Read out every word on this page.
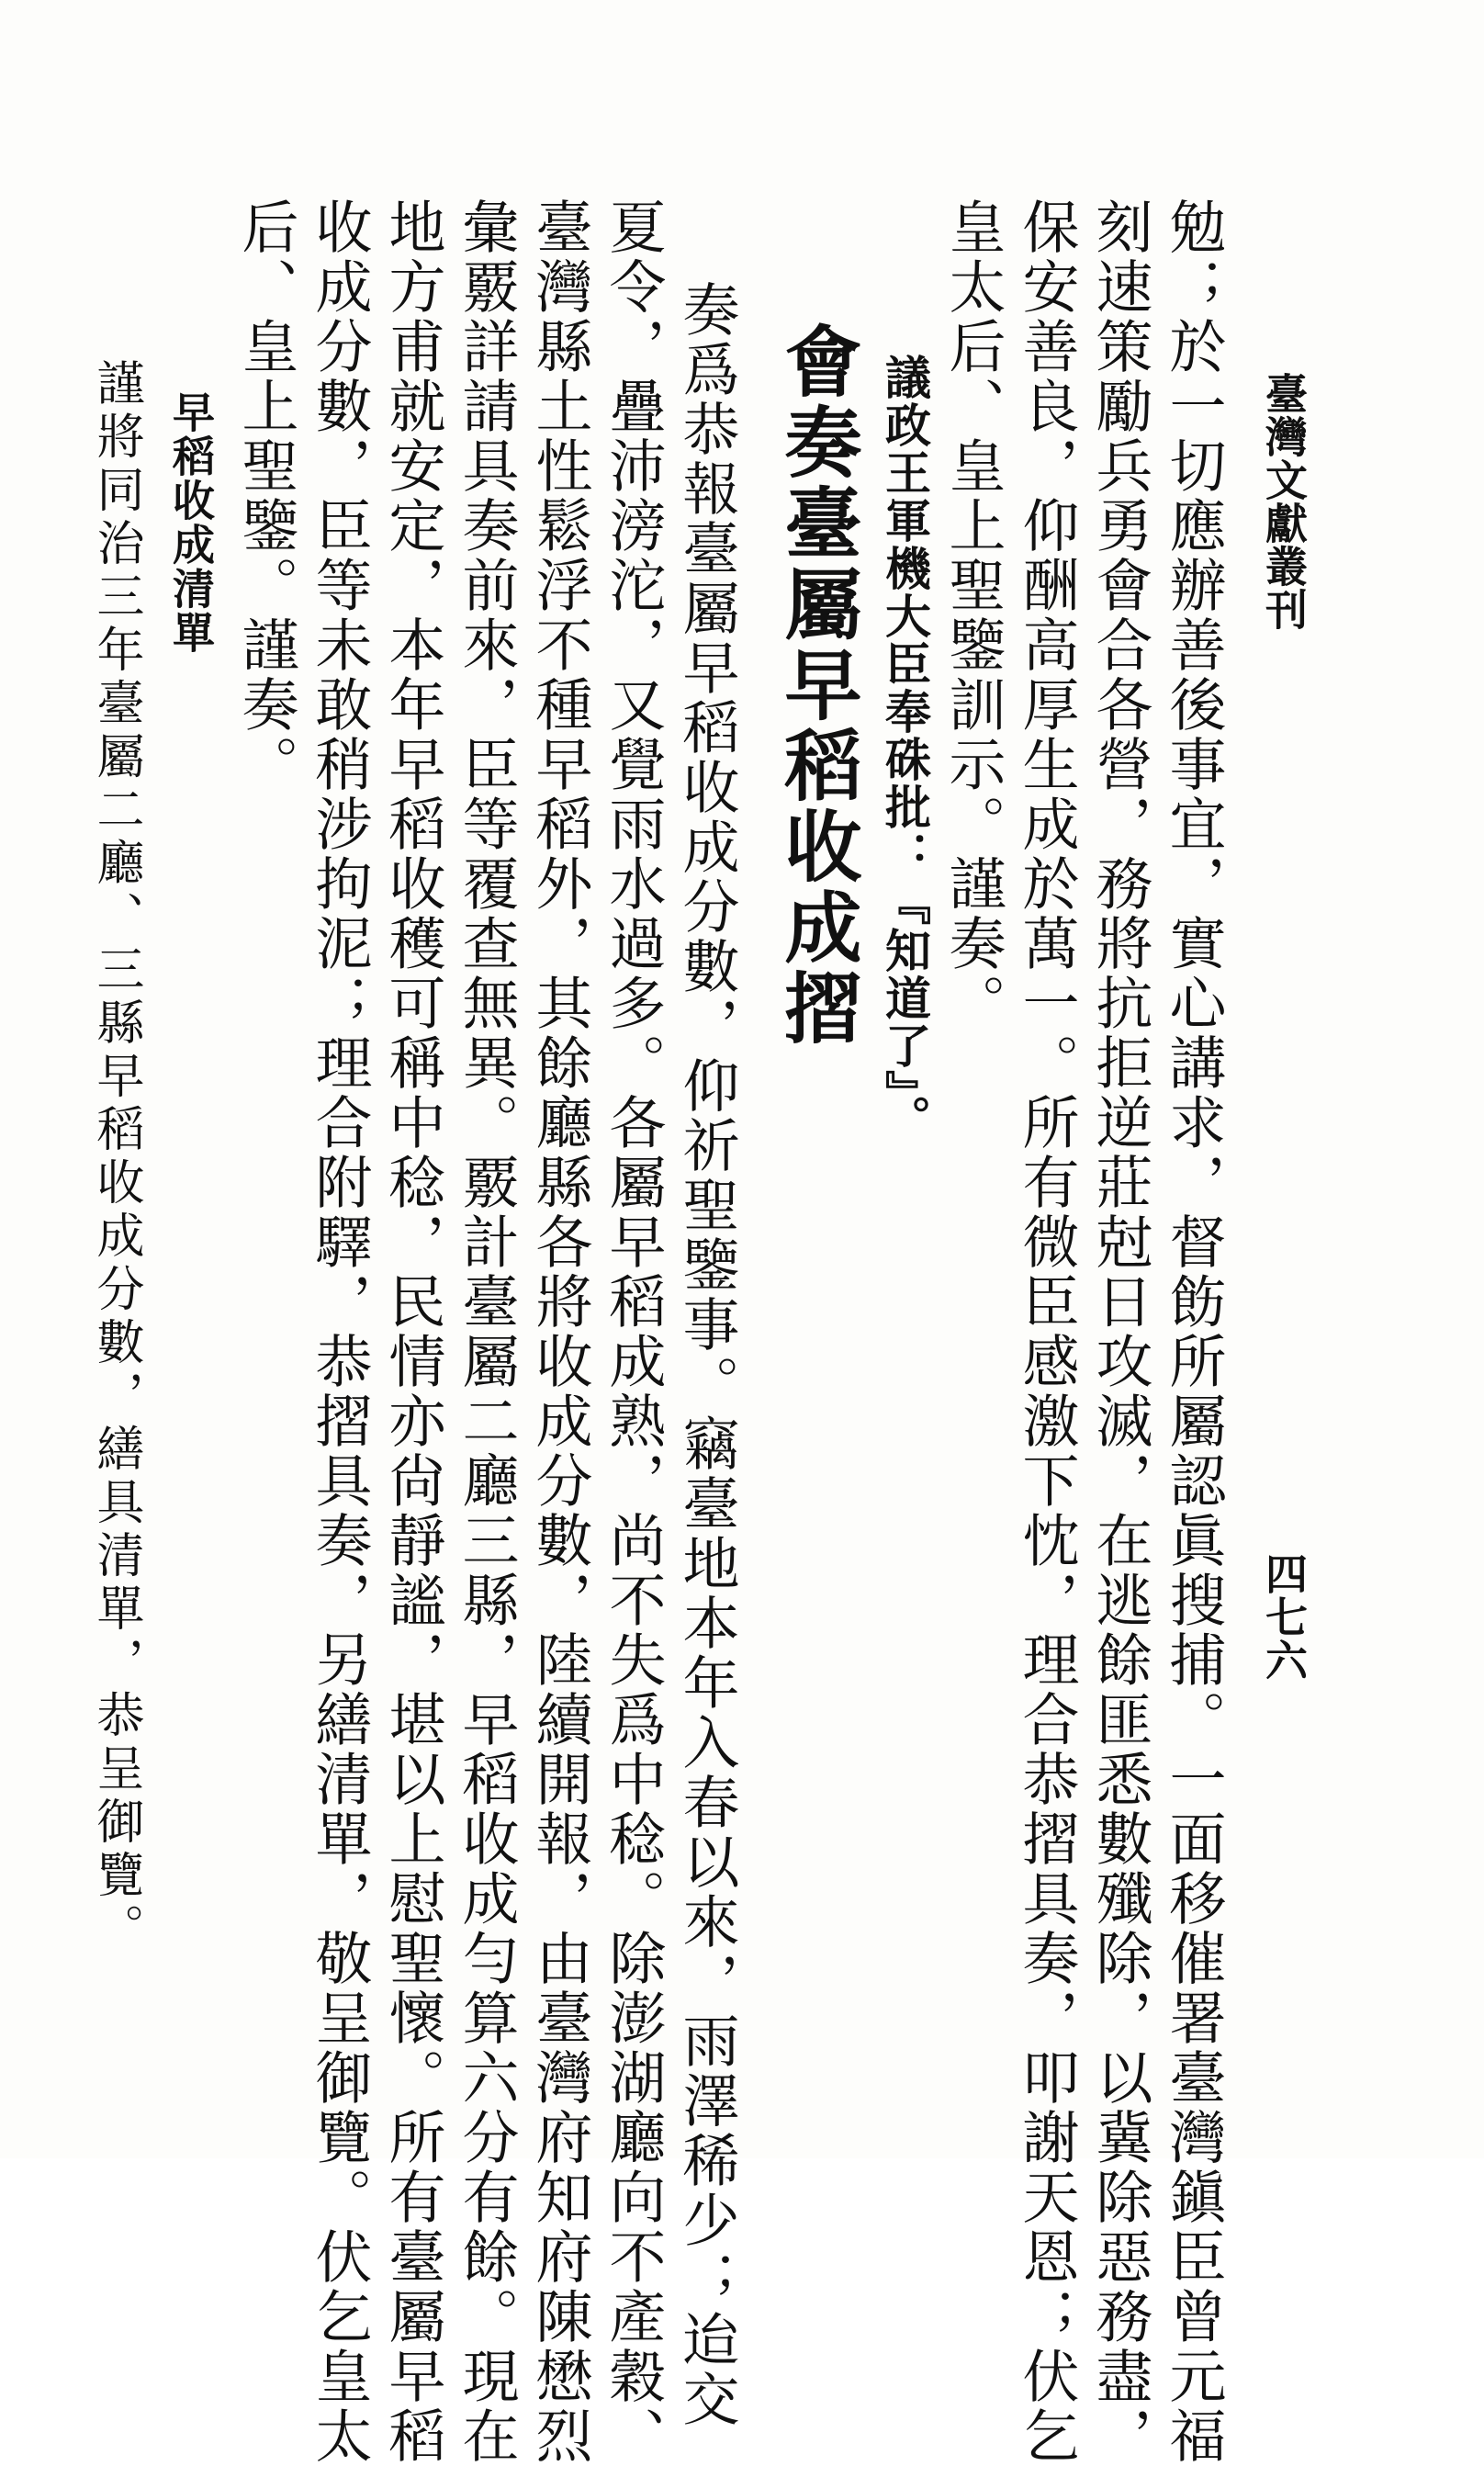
臺灣文獻叢刊
四七六
勉；於一切應辦善後事宜，實心講求，督飭所屬認眞搜捕。一面移催署臺灣鎭臣曾元福
刻速策勵兵勇會合各營，務將抗拒逆莊尅日攻滅，在逃餘匪悉數殲除，以冀除惡務盡，
保安善良，仰酬高厚生成於萬一。所有微臣感激下忱，理合恭摺具奏，叩謝天恩；伏乞
皇太后、皇上聖鑒訓示。謹奏。
議政王軍機大臣奉硃批：『知道了』。
會奏臺屬早稻收成摺
奏爲恭報臺屬早稻收成分數，仰祈聖鑒事。竊臺地本年入春以來，雨澤稀少；迨交
夏令，疊沛滂沱，又覺雨水過多。各屬早稻成熟，尚不失爲中稔。除澎湖廳向不產穀、
臺灣縣土性鬆浮不種早稻外，其餘廳縣各將收成分數，陸續開報，由臺灣府知府陳懋烈
彙覈詳請具奏前來，臣等覆查無異。覈計臺屬二廳三縣，早稻收成勻算六分有餘。現在
地方甫就安定，本年早稻收穫可稱中稔，民情亦尙靜謐，堪以上慰聖懷。所有臺屬早稻
收成分數，臣等未敢稍涉拘泥；理合附驛，恭摺具奏，另繕清單，敬呈御覽。伏乞皇太
后、皇上聖鑒。謹奏。
早稻收成清單
謹將同治三年臺屬二廳、三縣早稻收成分數，繕具清單，恭呈御覽。
